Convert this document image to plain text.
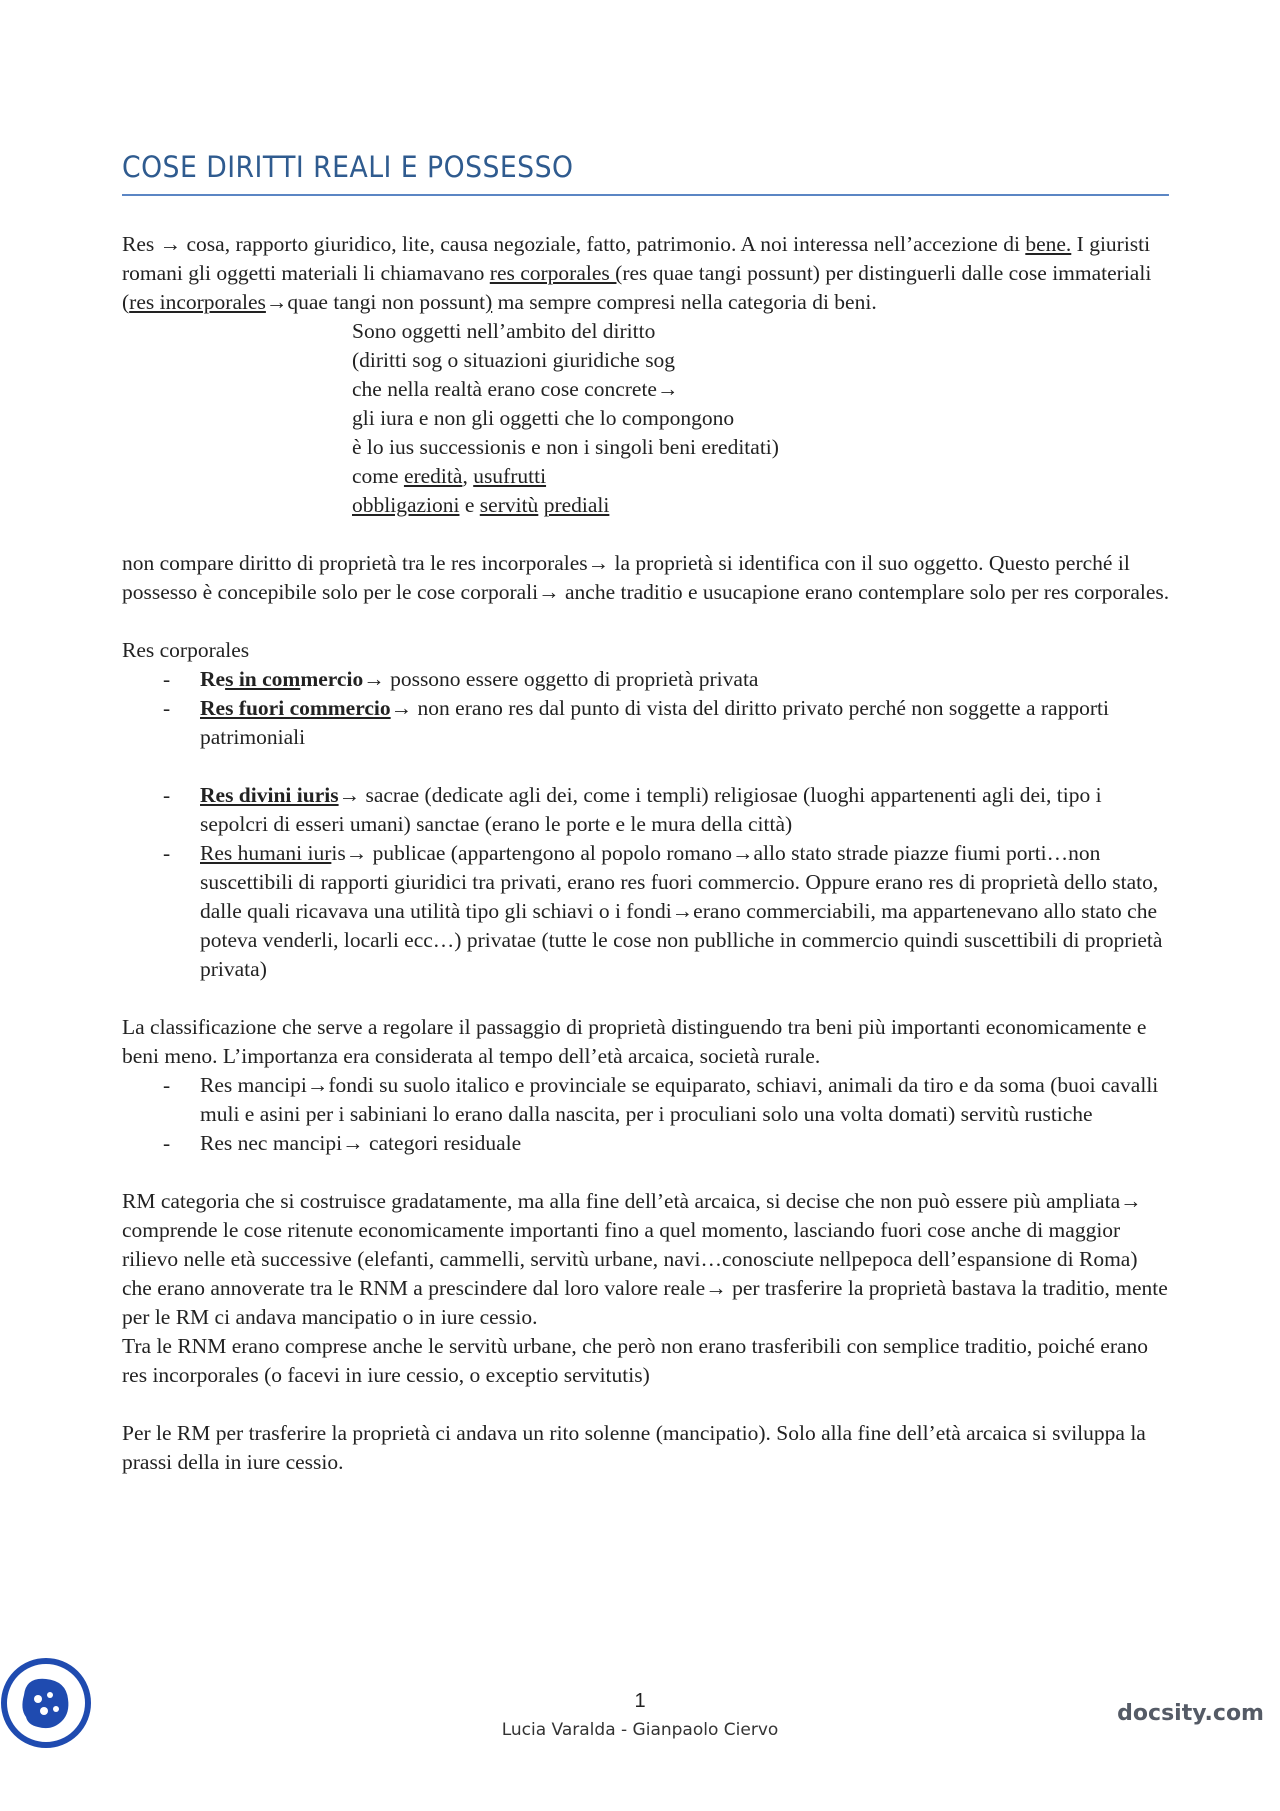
COSE DIRITTI REALI E POSSESSO

Res → cosa, rapporto giuridico, lite, causa negoziale, fatto, patrimonio. A noi interessa nell’accezione di bene. I giuristi romani gli oggetti materiali li chiamavano res corporales (res quae tangi possunt) per distinguerli dalle cose immateriali (res incorporales→quae tangi non possunt) ma sempre compresi nella categoria di beni.

Sono oggetti nell’ambito del diritto

(diritti sog o situazioni giuridiche sog

che nella realtà erano cose concrete→

gli iura e non gli oggetti che lo compongono

è lo ius successionis e non i singoli beni ereditati)

come eredità, usufrutti

obbligazioni e servitù prediali

non compare diritto di proprietà tra le res incorporales→ la proprietà si identifica con il suo oggetto. Questo perché il possesso è concepibile solo per le cose corporali→ anche traditio e usucapione erano contemplare solo per res corporales.

Res corporales

- Res in commercio→ possono essere oggetto di proprietà privata
- Res fuori commercio→ non erano res dal punto di vista del diritto privato perché non soggette a rapporti patrimoniali
- Res divini iuris→ sacrae (dedicate agli dei, come i templi) religiosae (luoghi appartenenti agli dei, tipo i sepolcri di esseri umani) sanctae (erano le porte e le mura della città)
- Res humani iuris→ publicae (appartengono al popolo romano→allo stato strade piazze fiumi porti…non suscettibili di rapporti giuridici tra privati, erano res fuori commercio. Oppure erano res di proprietà dello stato, dalle quali ricavava una utilità tipo gli schiavi o i fondi→erano commerciabili, ma appartenevano allo stato che poteva venderli, locarli ecc…) privatae (tutte le cose non publliche in commercio quindi suscettibili di proprietà privata)

La classificazione che serve a regolare il passaggio di proprietà distinguendo tra beni più importanti economicamente e beni meno. L’importanza era considerata al tempo dell’età arcaica, società rurale.

- Res mancipi→fondi su suolo italico e provinciale se equiparato, schiavi, animali da tiro e da soma (buoi cavalli muli e asini per i sabiniani lo erano dalla nascita, per i proculiani solo una volta domati) servitù rustiche
- Res nec mancipi→ categori residuale

RM categoria che si costruisce gradatamente, ma alla fine dell’età arcaica, si decise che non può essere più ampliata→ comprende le cose ritenute economicamente importanti fino a quel momento, lasciando fuori cose anche di maggior rilievo nelle età successive (elefanti, cammelli, servitù urbane, navi…conosciute nellpepoca dell’espansione di Roma) che erano annoverate tra le RNM a prescindere dal loro valore reale→ per trasferire la proprietà bastava la traditio, mente per le RM ci andava mancipatio o in iure cessio.

Tra le RNM erano comprese anche le servitù urbane, che però non erano trasferibili con semplice traditio, poiché erano res incorporales (o facevi in iure cessio, o exceptio servitutis)

Per le RM per trasferire la proprietà ci andava un rito solenne (mancipatio). Solo alla fine dell’età arcaica si sviluppa la prassi della in iure cessio.

1
Lucia Varalda - Gianpaolo Ciervo
docsity.com
